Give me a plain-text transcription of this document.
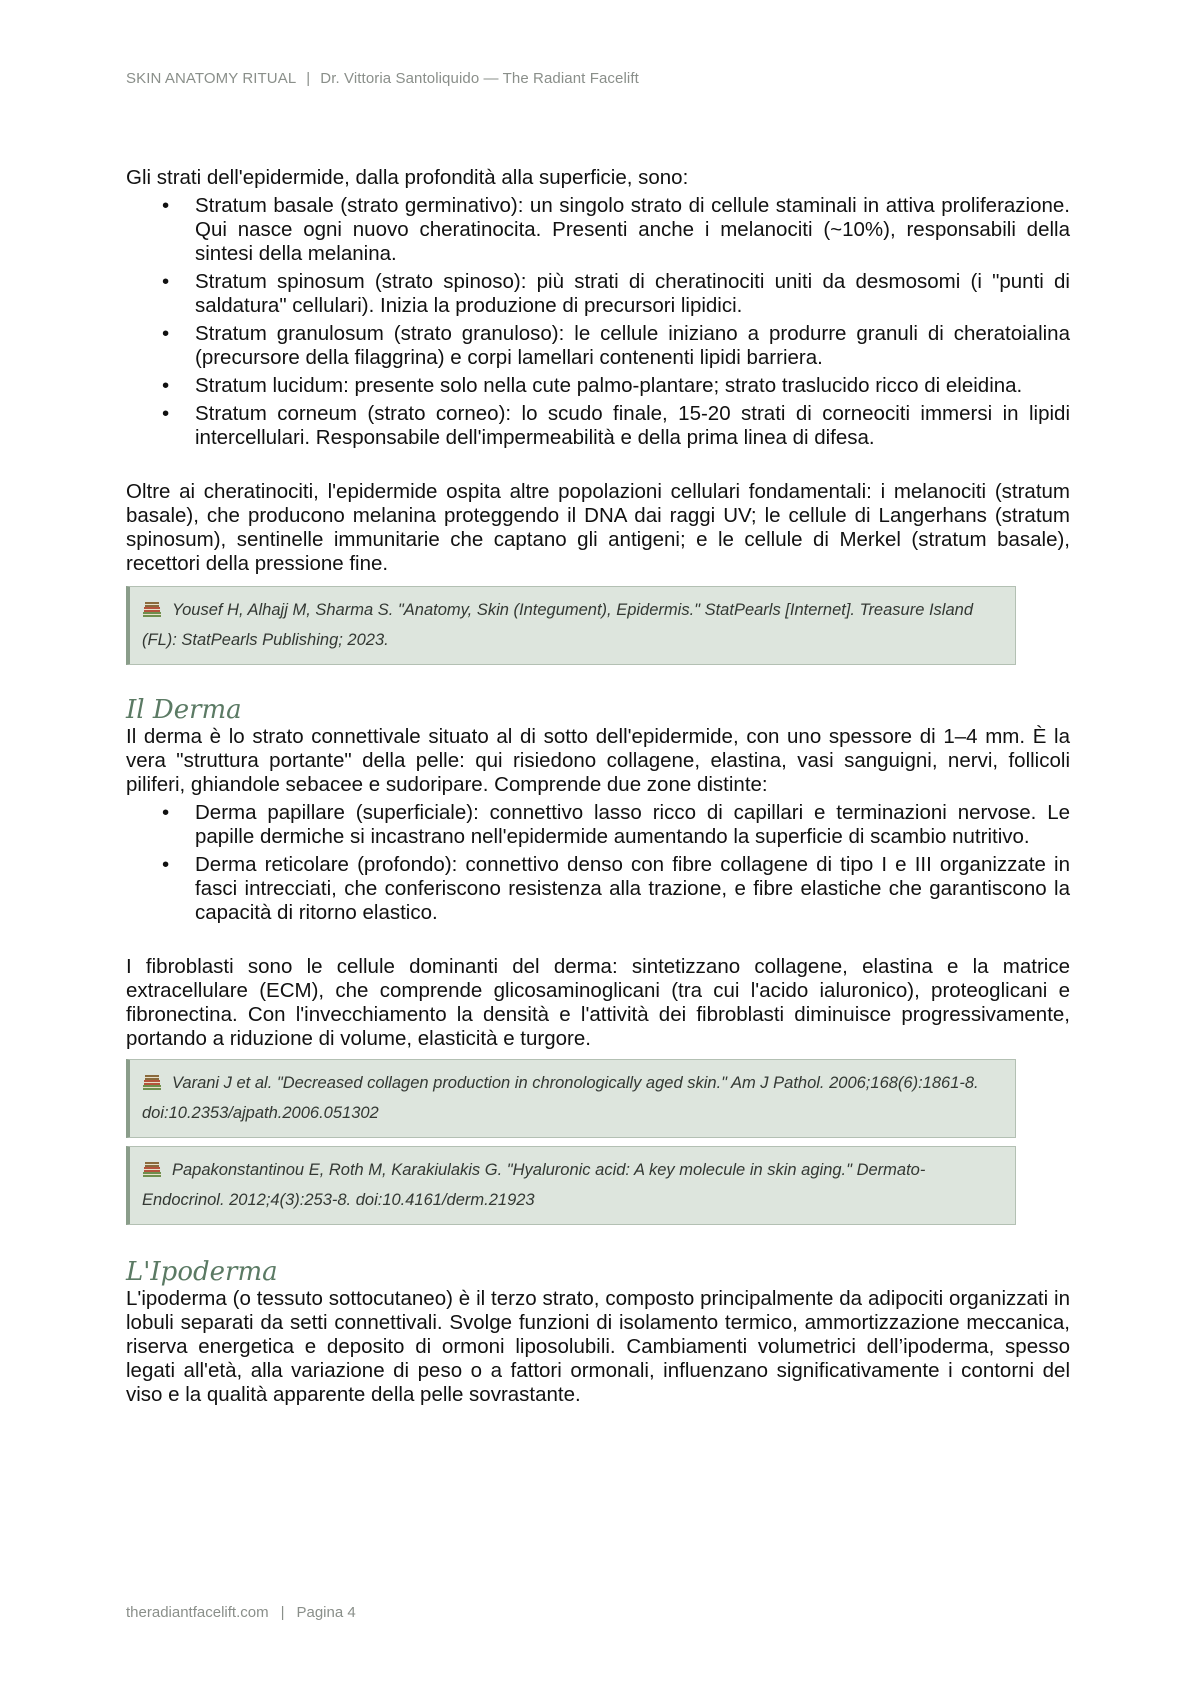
SKIN ANATOMY RITUAL | Dr. Vittoria Santoliquido — The Radiant Facelift

Gli strati dell'epidermide, dalla profondità alla superficie, sono:

• Stratum basale (strato germinativo): un singolo strato di cellule staminali in attiva proliferazione. Qui nasce ogni nuovo cheratinocita. Presenti anche i melanociti (~10%), responsabili della sintesi della melanina.
• Stratum spinosum (strato spinoso): più strati di cheratinociti uniti da desmosomi (i "punti di saldatura" cellulari). Inizia la produzione di precursori lipidici.
• Stratum granulosum (strato granuloso): le cellule iniziano a produrre granuli di cheratoialina (precursore della filaggrina) e corpi lamellari contenenti lipidi barriera.
• Stratum lucidum: presente solo nella cute palmo-plantare; strato traslucido ricco di eleidina.
• Stratum corneum (strato corneo): lo scudo finale, 15-20 strati di corneociti immersi in lipidi intercellulari. Responsabile dell'impermeabilità e della prima linea di difesa.

Oltre ai cheratinociti, l'epidermide ospita altre popolazioni cellulari fondamentali: i melanociti (stratum basale), che producono melanina proteggendo il DNA dai raggi UV; le cellule di Langerhans (stratum spinosum), sentinelle immunitarie che captano gli antigeni; e le cellule di Merkel (stratum basale), recettori della pressione fine.

Yousef H, Alhajj M, Sharma S. "Anatomy, Skin (Integument), Epidermis." StatPearls [Internet]. Treasure Island (FL): StatPearls Publishing; 2023.
Il Derma

Il derma è lo strato connettivale situato al di sotto dell'epidermide, con uno spessore di 1–4 mm. È la vera "struttura portante" della pelle: qui risiedono collagene, elastina, vasi sanguigni, nervi, follicoli piliferi, ghiandole sebacee e sudoripare. Comprende due zone distinte:

• Derma papillare (superficiale): connettivo lasso ricco di capillari e terminazioni nervose. Le papille dermiche si incastrano nell'epidermide aumentando la superficie di scambio nutritivo.
• Derma reticolare (profondo): connettivo denso con fibre collagene di tipo I e III organizzate in fasci intrecciati, che conferiscono resistenza alla trazione, e fibre elastiche che garantiscono la capacità di ritorno elastico.

I fibroblasti sono le cellule dominanti del derma: sintetizzano collagene, elastina e la matrice extracellulare (ECM), che comprende glicosaminoglicani (tra cui l'acido ialuronico), proteoglicani e fibronectina. Con l'invecchiamento la densità e l'attività dei fibroblasti diminuisce progressivamente, portando a riduzione di volume, elasticità e turgore.

Varani J et al. "Decreased collagen production in chronologically aged skin." Am J Pathol. 2006;168(6):1861-8. doi:10.2353/ajpath.2006.051302
Papakonstantinou E, Roth M, Karakiulakis G. "Hyaluronic acid: A key molecule in skin aging." Dermato-Endocrinol. 2012;4(3):253-8. doi:10.4161/derm.21923
L'Ipoderma

L'ipoderma (o tessuto sottocutaneo) è il terzo strato, composto principalmente da adipociti organizzati in lobuli separati da setti connettivali. Svolge funzioni di isolamento termico, ammortizzazione meccanica, riserva energetica e deposito di ormoni liposolubili. Cambiamenti volumetrici dell’ipoderma, spesso legati all'età, alla variazione di peso o a fattori ormonali, influenzano significativamente i contorni del viso e la qualità apparente della pelle sovrastante.

theradiantfacelift.com | Pagina 4
